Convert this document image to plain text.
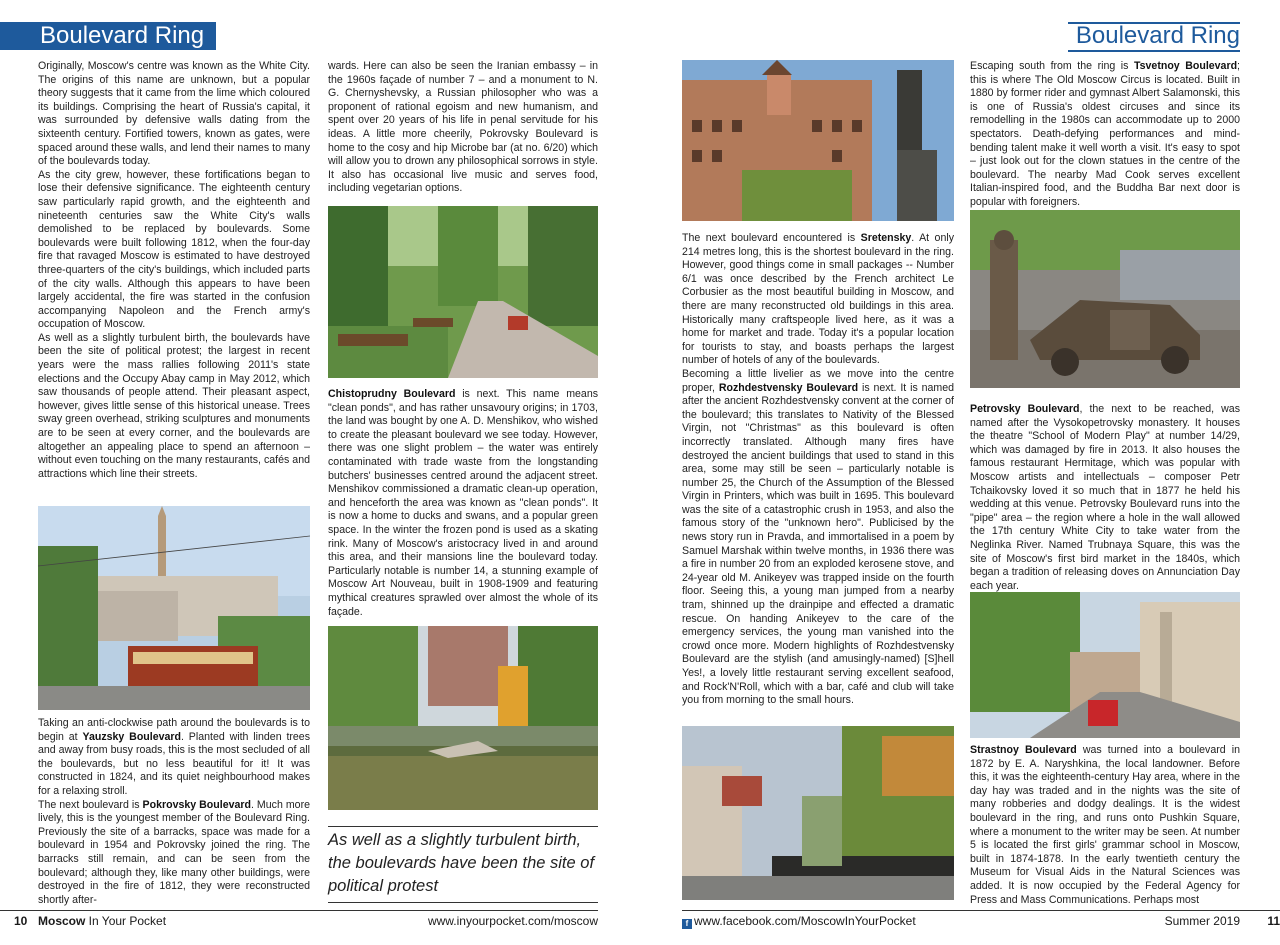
Boulevard Ring

Originally, Moscow's centre was known as the White City. The origins of this name are unknown, but a popular theory suggests that it came from the lime which coloured its buildings. Comprising the heart of Russia's capital, it was surrounded by defensive walls dating from the sixteenth century. Fortified towers, known as gates, were spaced around these walls, and lend their names to many of the boulevards today.

As the city grew, however, these fortifications began to lose their defensive significance. The eighteenth century saw particularly rapid growth, and the eighteenth and nineteenth centuries saw the White City's walls demolished to be replaced by boulevards. Some boulevards were built following 1812, when the four-day fire that ravaged Moscow is estimated to have destroyed three-quarters of the city's buildings, which included parts of the city walls. Although this appears to have been largely accidental, the fire was started in the confusion accompanying Napoleon and the French army's occupation of Moscow.

As well as a slightly turbulent birth, the boulevards have been the site of political protest; the largest in recent years were the mass rallies following 2011's state elections and the Occupy Abay camp in May 2012, which saw thousands of people attend. Their pleasant aspect, however, gives little sense of this historical unease. Trees sway green overhead, striking sculptures and monuments are to be seen at every corner, and the boulevards are altogether an appealing place to spend an afternoon – without even touching on the many restaurants, cafés and attractions which line their streets.

Taking an anti-clockwise path around the boulevards is to begin at Yauzsky Boulevard. Planted with linden trees and away from busy roads, this is the most secluded of all the boulevards, but no less beautiful for it! It was constructed in 1824, and its quiet neighbourhood makes for a relaxing stroll.

The next boulevard is Pokrovsky Boulevard. Much more lively, this is the youngest member of the Boulevard Ring. Previously the site of a barracks, space was made for a boulevard in 1954 and Pokrovsky joined the ring. The barracks still remain, and can be seen from the boulevard; although they, like many other buildings, were destroyed in the fire of 1812, they were reconstructed shortly after-

wards. Here can also be seen the Iranian embassy – in the 1960s façade of number 7 – and a monument to N. G. Chernyshevsky, a Russian philosopher who was a proponent of rational egoism and new humanism, and spent over 20 years of his life in penal servitude for his ideas. A little more cheerily, Pokrovsky Boulevard is home to the cosy and hip Microbe bar (at no. 6/20) which will allow you to drown any philosophical sorrows in style. It also has occasional live music and serves food, including vegetarian options.

Chistoprudny Boulevard is next. This name means "clean ponds", and has rather unsavoury origins; in 1703, the land was bought by one A. D. Menshikov, who wished to create the pleasant boulevard we see today. However, there was one slight problem – the water was entirely contaminated with trade waste from the longstanding butchers' businesses centred around the adjacent street. Menshikov commissioned a dramatic clean-up operation, and henceforth the area was known as "clean ponds". It is now a home to ducks and swans, and a popular green space. In the winter the frozen pond is used as a skating rink. Many of Moscow's aristocracy lived in and around this area, and their mansions line the boulevard today. Particularly notable is number 14, a stunning example of Moscow Art Nouveau, built in 1908-1909 and featuring mythical creatures sprawled over almost the whole of its façade.

As well as a slightly turbulent birth, the boulevards have been the site of political protest
10 Moscow In Your Pocket	www.inyourpocket.com/moscow
Boulevard Ring

The next boulevard encountered is Sretensky. At only 214 metres long, this is the shortest boulevard in the ring. However, good things come in small packages -- Number 6/1 was once described by the French architect Le Corbusier as the most beautiful building in Moscow, and there are many reconstructed old buildings in this area. Historically many craftspeople lived here, as it was a home for market and trade. Today it's a popular location for tourists to stay, and boasts perhaps the largest number of hotels of any of the boulevards.

Becoming a little livelier as we move into the centre proper, Rozhdestvensky Boulevard is next. It is named after the ancient Rozhdestvensky convent at the corner of the boulevard; this translates to Nativity of the Blessed Virgin, not "Christmas" as this boulevard is often incorrectly translated. Although many fires have destroyed the ancient buildings that used to stand in this area, some may still be seen – particularly notable is number 25, the Church of the Assumption of the Blessed Virgin in Printers, which was built in 1695. This boulevard was the site of a catastrophic crush in 1953, and also the famous story of the "unknown hero". Publicised by the news story run in Pravda, and immortalised in a poem by Samuel Marshak within twelve months, in 1936 there was a fire in number 20 from an exploded kerosene stove, and 24-year old M. Anikeyev was trapped inside on the fourth floor. Seeing this, a young man jumped from a nearby tram, shinned up the drainpipe and effected a dramatic rescue. On handing Anikeyev to the care of the emergency services, the young man vanished into the crowd once more. Modern highlights of Rozhdestvensky Boulevard are the stylish (and amusingly-named) [S]hell Yes!, a lovely little restaurant serving excellent seafood, and Rock'N'Roll, which with a bar, café and club will take you from morning to the small hours.

Escaping south from the ring is Tsvetnoy Boulevard; this is where The Old Moscow Circus is located. Built in 1880 by former rider and gymnast Albert Salamonski, this is one of Russia's oldest circuses and since its remodelling in the 1980s can accommodate up to 2000 spectators. Death-defying performances and mind-bending talent make it well worth a visit. It's easy to spot – just look out for the clown statues in the centre of the boulevard. The nearby Mad Cook serves excellent Italian-inspired food, and the Buddha Bar next door is popular with foreigners.

Petrovsky Boulevard, the next to be reached, was named after the Vysokopetrovsky monastery. It houses the theatre "School of Modern Play" at number 14/29, which was damaged by fire in 2013. It also houses the famous restaurant Hermitage, which was popular with Moscow artists and intellectuals – composer Petr Tchaikovsky loved it so much that in 1877 he held his wedding at this venue. Petrovsky Boulevard runs into the "pipe" area – the region where a hole in the wall allowed the 17th century White City to take water from the Neglinka River. Named Trubnaya Square, this was the site of Moscow's first bird market in the 1840s, which began a tradition of releasing doves on Annunciation Day each year.

Strastnoy Boulevard was turned into a boulevard in 1872 by E. A. Naryshkina, the local landowner. Before this, it was the eighteenth-century Hay area, where in the day hay was traded and in the nights was the site of many robberies and dodgy dealings. It is the widest boulevard in the ring, and runs onto Pushkin Square, where a monument to the writer may be seen. At number 5 is located the first girls' grammar school in Moscow, built in 1874-1878. In the early twentieth century the Museum for Visual Aids in the Natural Sciences was added. It is now occupied by the Federal Agency for Press and Mass Communications. Perhaps most

f www.facebook.com/MoscowInYourPocket	Summer 2019 11
